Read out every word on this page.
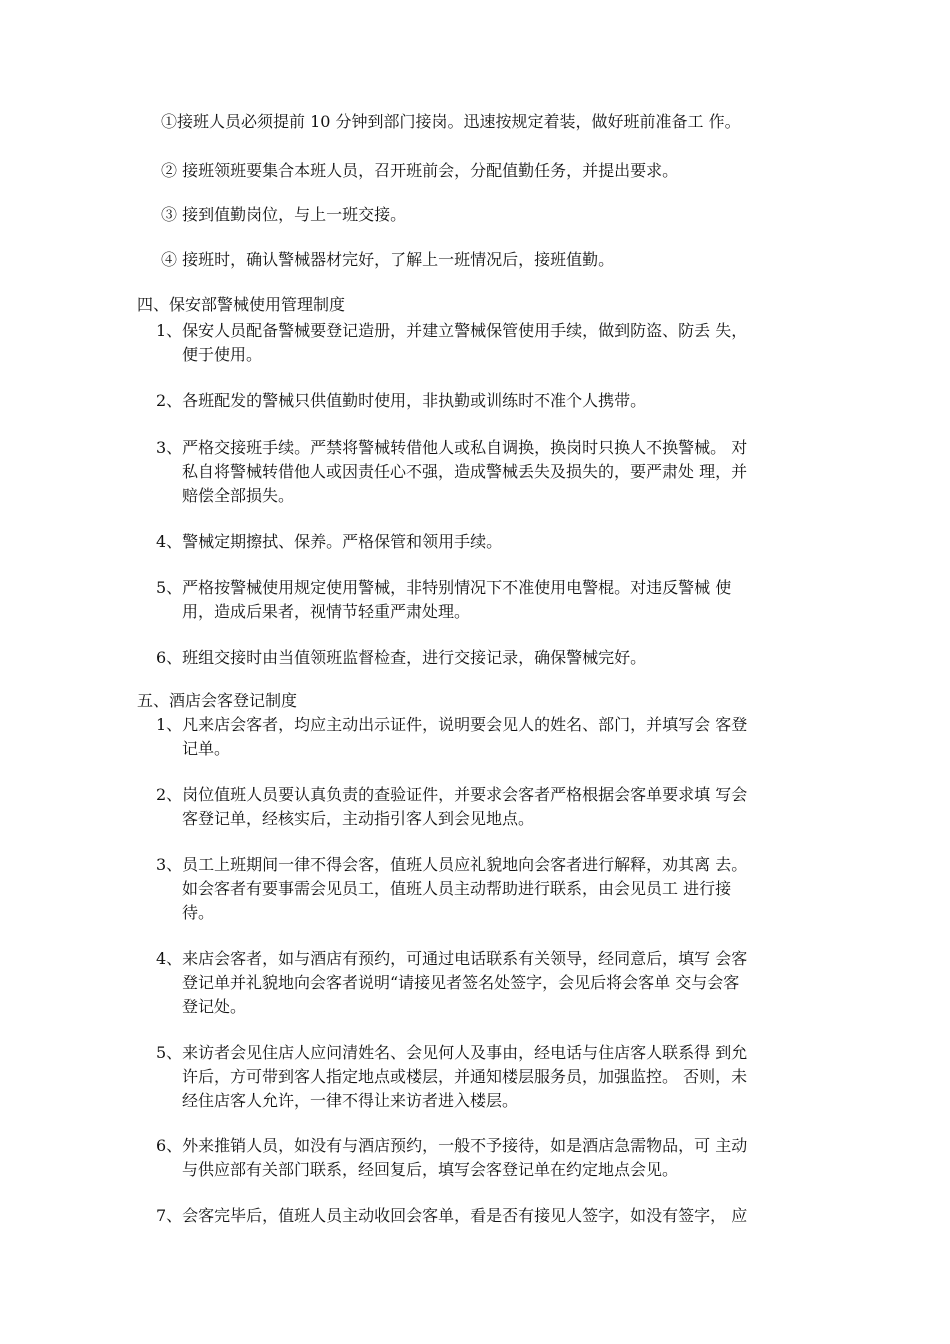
①接班人员必须提前 10 分钟到部门接岗。迅速按规定着装，做好班前准备工 作。
② 接班领班要集合本班人员，召开班前会，分配值勤任务，并提出要求。
③ 接到值勤岗位，与上一班交接。
④ 接班时，确认警械器材完好，了解上一班情况后，接班值勤。
四、保安部警械使用管理制度
1、保安人员配备警械要登记造册，并建立警械保管使用手续，做到防盗、防丢 失，
便于使用。
2、各班配发的警械只供值勤时使用，非执勤或训练时不准个人携带。
3、严格交接班手续。严禁将警械转借他人或私自调换，换岗时只换人不换警械。 对
私自将警械转借他人或因责任心不强，造成警械丢失及损失的，要严肃处 理，并
赔偿全部损失。
4、警械定期擦拭、保养。严格保管和领用手续。
5、严格按警械使用规定使用警械，非特别情况下不准使用电警棍。对违反警械 使
用，造成后果者，视情节轻重严肃处理。
6、班组交接时由当值领班监督检查，进行交接记录，确保警械完好。
五、酒店会客登记制度
1、凡来店会客者，均应主动出示证件，说明要会见人的姓名、部门，并填写会 客登
记单。
2、岗位值班人员要认真负责的查验证件，并要求会客者严格根据会客单要求填 写会
客登记单，经核实后，主动指引客人到会见地点。
3、员工上班期间一律不得会客，值班人员应礼貌地向会客者进行解释，劝其离 去。
如会客者有要事需会见员工，值班人员主动帮助进行联系，由会见员工 进行接
待。
4、来店会客者，如与酒店有预约，可通过电话联系有关领导，经同意后，填写 会客
登记单并礼貌地向会客者说明“请接见者签名处签字，会见后将会客单 交与会客
登记处。
5、来访者会见住店人应问清姓名、会见何人及事由，经电话与住店客人联系得 到允
许后，方可带到客人指定地点或楼层，并通知楼层服务员，加强监控。 否则，未
经住店客人允许，一律不得让来访者进入楼层。
6、外来推销人员，如没有与酒店预约，一般不予接待，如是酒店急需物品，可 主动
与供应部有关部门联系，经回复后，填写会客登记单在约定地点会见。
7、会客完毕后，值班人员主动收回会客单，看是否有接见人签字，如没有签字， 应
